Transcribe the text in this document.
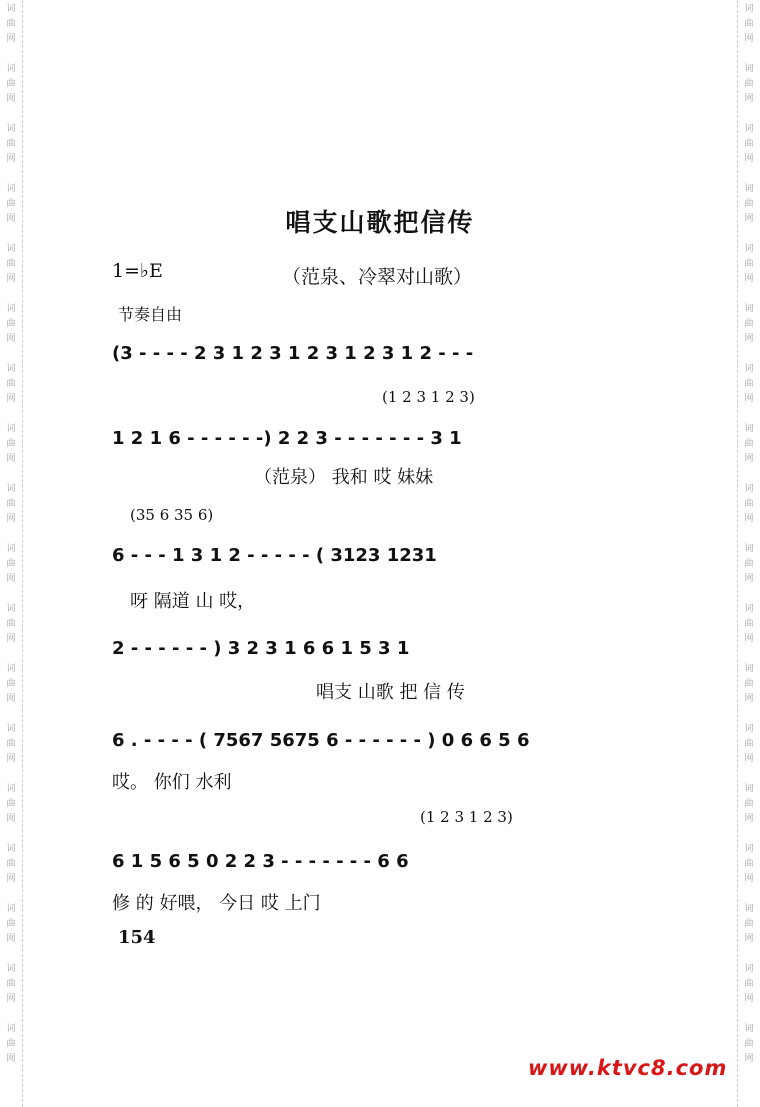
词
曲
网
词
曲
网
词
曲
网
词
曲
网
词
曲
网
词
曲
网
词
曲
网
词
曲
网
词
曲
网
词
曲
网
词
曲
网
词
曲
网
词
曲
网
词
曲
网
词
曲
网
词
曲
网
词
曲
网
词
曲
网
词
曲
网
词
曲
网
词
曲
网
词
曲
网
词
曲
网
词
曲
网
词
曲
网
词
曲
网
词
曲
网
词
曲
网
词
曲
网
词
曲
网
词
曲
网
词
曲
网
词
曲
网
词
曲
网
词
曲
网
词
曲
网
唱支山歌把信传
1=♭E	（范泉、冷翠对山歌）
节奏自由
(3 - - - - 2 3 1 2 3 1 2 3 1 2 3 1 2 - - -
(1 2 3 1 2 3)
1 2 1 6 - - - - - -) 2 2 3 - - - - - - - 3 1
（范泉） 我和 哎 妹妹
(35 6 35 6)
6 - - - 1 3 1 2 - - - - - ( 3123 1231
呀 隔道 山 哎，
2 - - - - - - ) 3 2 3 1 6 6 1 5 3 1
唱支 山歌 把 信 传
6 . - - - - ( 7567 5675 6 - - - - - - ) 0 6 6 5 6
哎。 你们 水利
(1 2 3 1 2 3)
6 1 5 6 5 0 2 2 3 - - - - - - - 6 6
修 的 好喂， 今日 哎 上门
154
www.ktvc8.com
